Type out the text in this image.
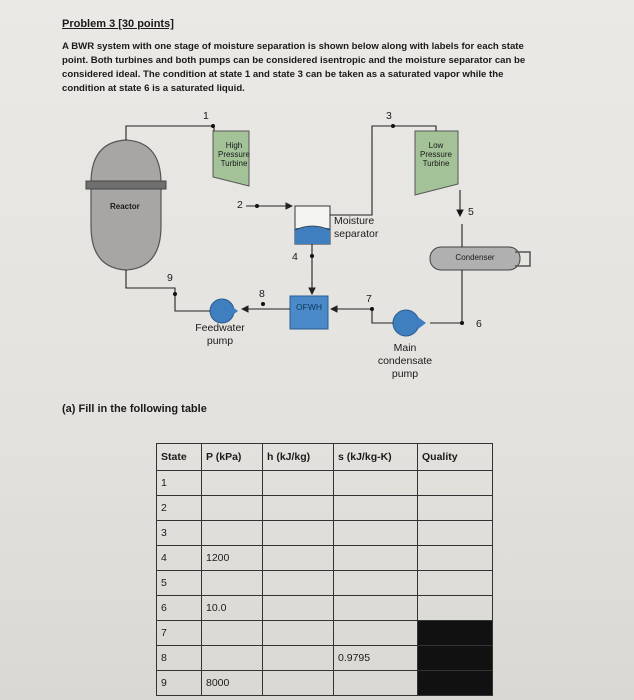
Problem 3 [30 points]
A BWR system with one stage of moisture separation is shown below along with labels for each state point. Both turbines and both pumps can be considered isentropic and the moisture separator can be considered ideal. The condition at state 1 and state 3 can be taken as a saturated vapor while the condition at state 6 is a saturated liquid.
1
2
3
4
5
6
7
8
9
Reactor
High
Pressure
Turbine
Low
Pressure
Turbine
Moisture
separator
Condenser
OFWH
Feedwater
pump
Main
condensate
pump
(a) Fill in the following table
State	P (kPa)	h (kJ/kg)	s (kJ/kg-K)	Quality
1				
2				
3				
4	1200			
5				
6	10.0			
7				
8			0.9795	
9	8000			
